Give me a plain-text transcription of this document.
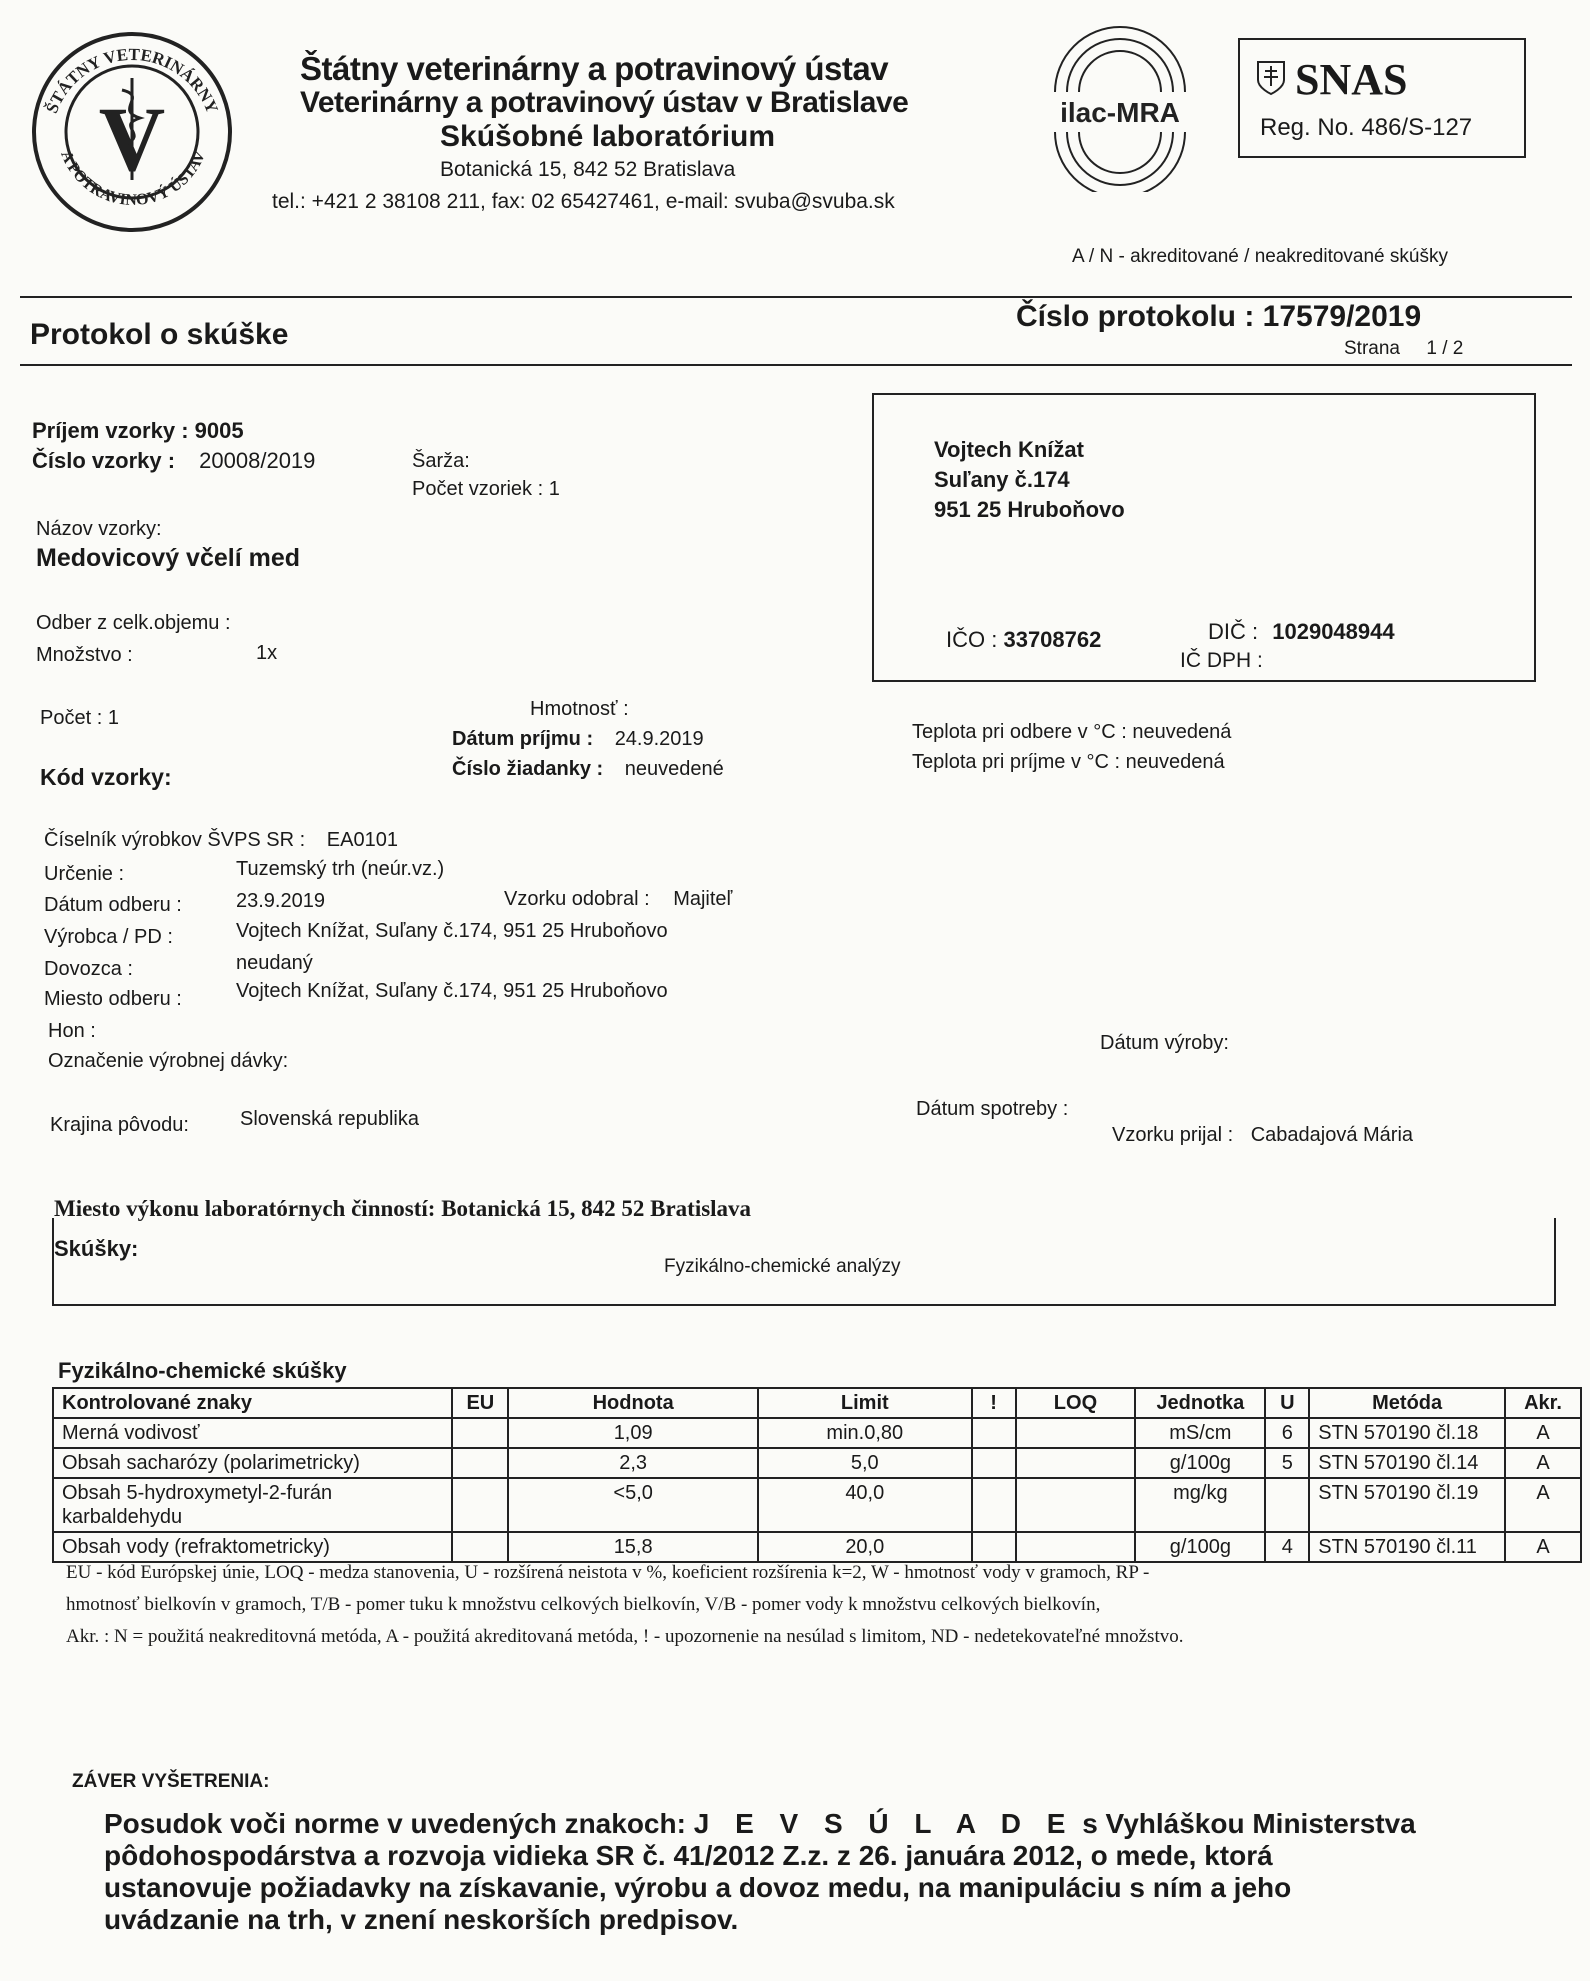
ŠTÁTNY VETERINÁRNY
A POTRAVINOVÝ ÚSTAV
V
Štátny veterinárny a potravinový ústav
Veterinárny a potravinový ústav v Bratislave
Skúšobné laboratórium
Botanická 15, 842 52 Bratislava
tel.: +421 2 38108 211, fax: 02 65427461, e-mail: svuba@svuba.sk
ilac-MRA
SNAS
Reg. No. 486/S-127
A / N - akreditované / neakreditované skúšky
Protokol o skúške
Číslo protokolu : 17579/2019
Strana 1 / 2
Príjem vzorky : 9005
Číslo vzorky : 20008/2019	Šarža:
Počet vzoriek : 1
Názov vzorky:
Medovicový včelí med
Odber z celk.objemu :
Množstvo :	1x
Počet : 1	Hmotnosť :
Dátum príjmu : 24.9.2019
Číslo žiadanky : neuvedené
Teplota pri odbere v °C : neuvedená
Teplota pri príjme v °C : neuvedená
Kód vzorky:
Číselník výrobkov ŠVPS SR : EA0101
Určenie :	Tuzemský trh (neúr.vz.)
Dátum odberu :	23.9.2019	Vzorku odobral : Majiteľ
Výrobca / PD :	Vojtech Knížat, Suľany č.174, 951 25 Hruboňovo
Dovozca :	neudaný
Miesto odberu :	Vojtech Knížat, Suľany č.174, 951 25 Hruboňovo
Hon :
Označenie výrobnej dávky:
Dátum výroby:
Krajina pôvodu:	Slovenská republika	Dátum spotreby :
Vzorku prijal : Cabadajová Mária
Vojtech Knížat
Suľany č.174
951 25 Hruboňovo
IČO : 33708762	DIČ : 1029048944
IČ DPH :
Miesto výkonu laboratórnych činností: Botanická 15, 842 52 Bratislava
Skúšky:
Fyzikálno-chemické analýzy
Fyzikálno-chemické skúšky
Kontrolované znaky	EU	Hodnota	Limit	!	LOQ	Jednotka	U	Metóda	Akr.
Merná vodivosť		1,09	min.0,80			mS/cm	6	STN 570190 čl.18	A
Obsah sacharózy (polarimetricky)		2,3	5,0			g/100g	5	STN 570190 čl.14	A
Obsah 5-hydroxymetyl-2-furán karbaldehydu		<5,0	40,0			mg/kg		STN 570190 čl.19	A
Obsah vody (refraktometricky)		15,8	20,0			g/100g	4	STN 570190 čl.11	A
EU - kód Európskej únie, LOQ - medza stanovenia, U - rozšírená neistota v %, koeficient rozšírenia k=2, W - hmotnosť vody v gramoch, RP -
hmotnosť bielkovín v gramoch, T/B - pomer tuku k množstvu celkových bielkovín, V/B - pomer vody k množstvu celkových bielkovín,
Akr. : N = použitá neakreditovná metóda, A - použitá akreditovaná metóda, ! - upozornenie na nesúlad s limitom, ND - nedetekovateľné množstvo.
ZÁVER VYŠETRENIA:
Posudok voči norme v uvedených znakoch: J E V S Ú L A D E s Vyhláškou Ministerstva pôdohospodárstva a rozvoja vidieka SR č. 41/2012 Z.z. z 26. januára 2012, o mede, ktorá ustanovuje požiadavky na získavanie, výrobu a dovoz medu, na manipuláciu s ním a jeho uvádzanie na trh, v znení neskorších predpisov.
